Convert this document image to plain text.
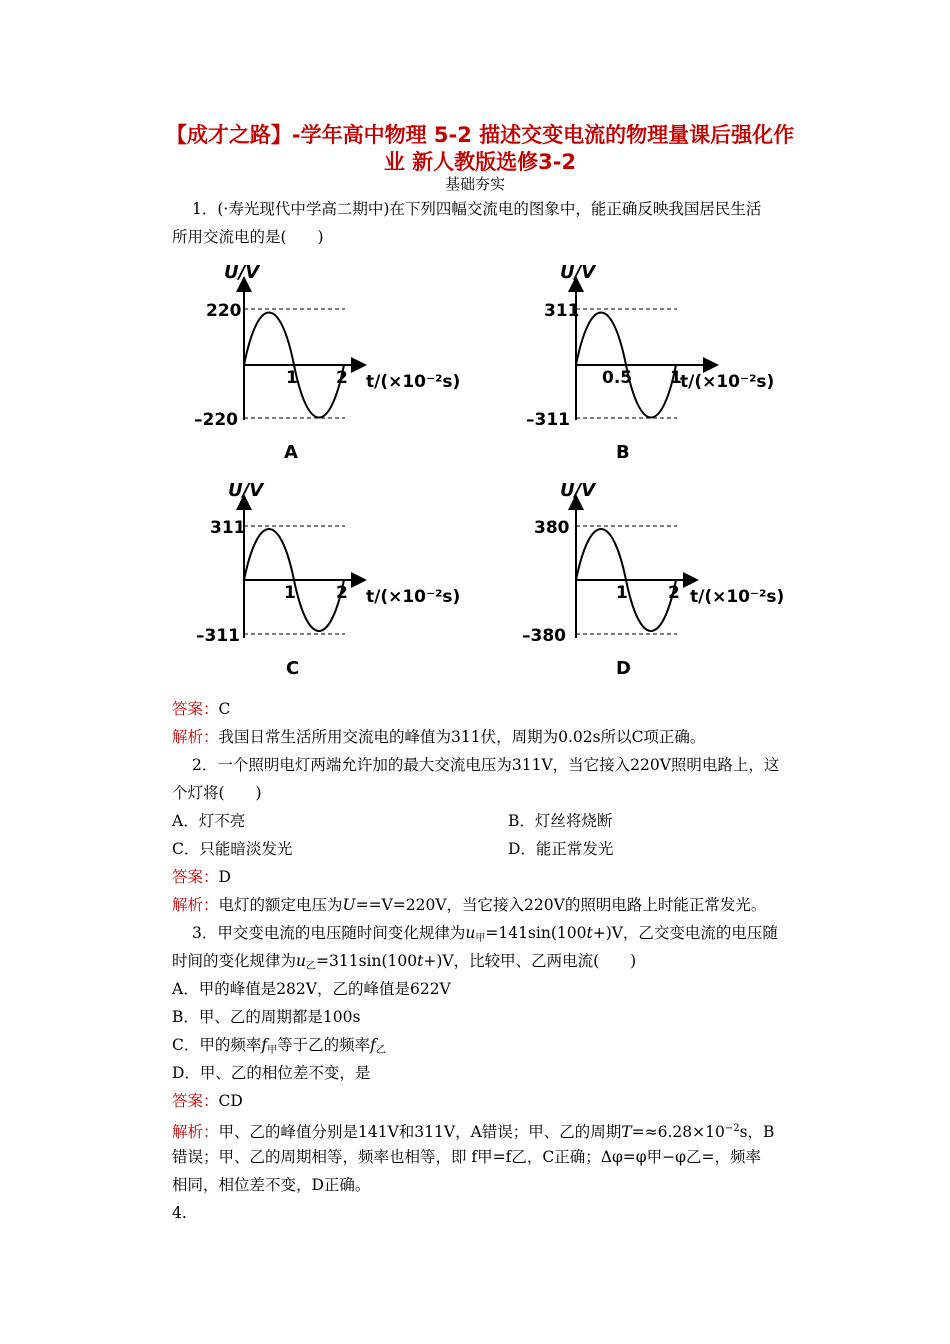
【成才之路】-学年高中物理 5-2 描述交变电流的物理量课后强化作
业 新人教版选修3-2
基础夯实
1．(·寿光现代中学高二期中)在下列四幅交流电的图象中，能正确反映我国居民生活
所用交流电的是(　　)
U/V
220
–220
1 2 t/(×10⁻²s)
A
U/V
311
–311
0.5 1
t/(×10⁻²s)
B
U/V
311
–311
1 2 t/(×10⁻²s)
C
U/V
380
–380
1 2 t/(×10⁻²s)
D
答案：C
解析：我国日常生活所用交流电的峰值为311伏，周期为0.02s所以C项正确。
2．一个照明电灯两端允许加的最大交流电压为311V，当它接入220V照明电路上，这
个灯将(　　)
A．灯不亮	B．灯丝将烧断
C．只能暗淡发光	D．能正常发光
答案：D
解析：电灯的额定电压为U==V=220V，当它接入220V的照明电路上时能正常发光。
3．甲交变电流的电压随时间变化规律为$u_甲=141\sin(100t+)V$，乙交变电流的电压随
时间的变化规律为$u_乙=311\sin(100t+)V$，比较甲、乙两电流(　　)
A．甲的峰值是282V，乙的峰值是622V
B．甲、乙的周期都是100s
C．甲的频率$f_甲$等于乙的频率$f_乙$
D．甲、乙的相位差不变，是
答案：CD
解析：甲、乙的峰值分别是141V和311V，A错误；甲、乙的周期$T=\approx 6.28\times 10^{-2}s$，B
错误；甲、乙的周期相等，频率也相等，即 f甲=f乙，C正确；Δφ=φ甲−φ乙=，频率
相同，相位差不变，D正确。
4.
